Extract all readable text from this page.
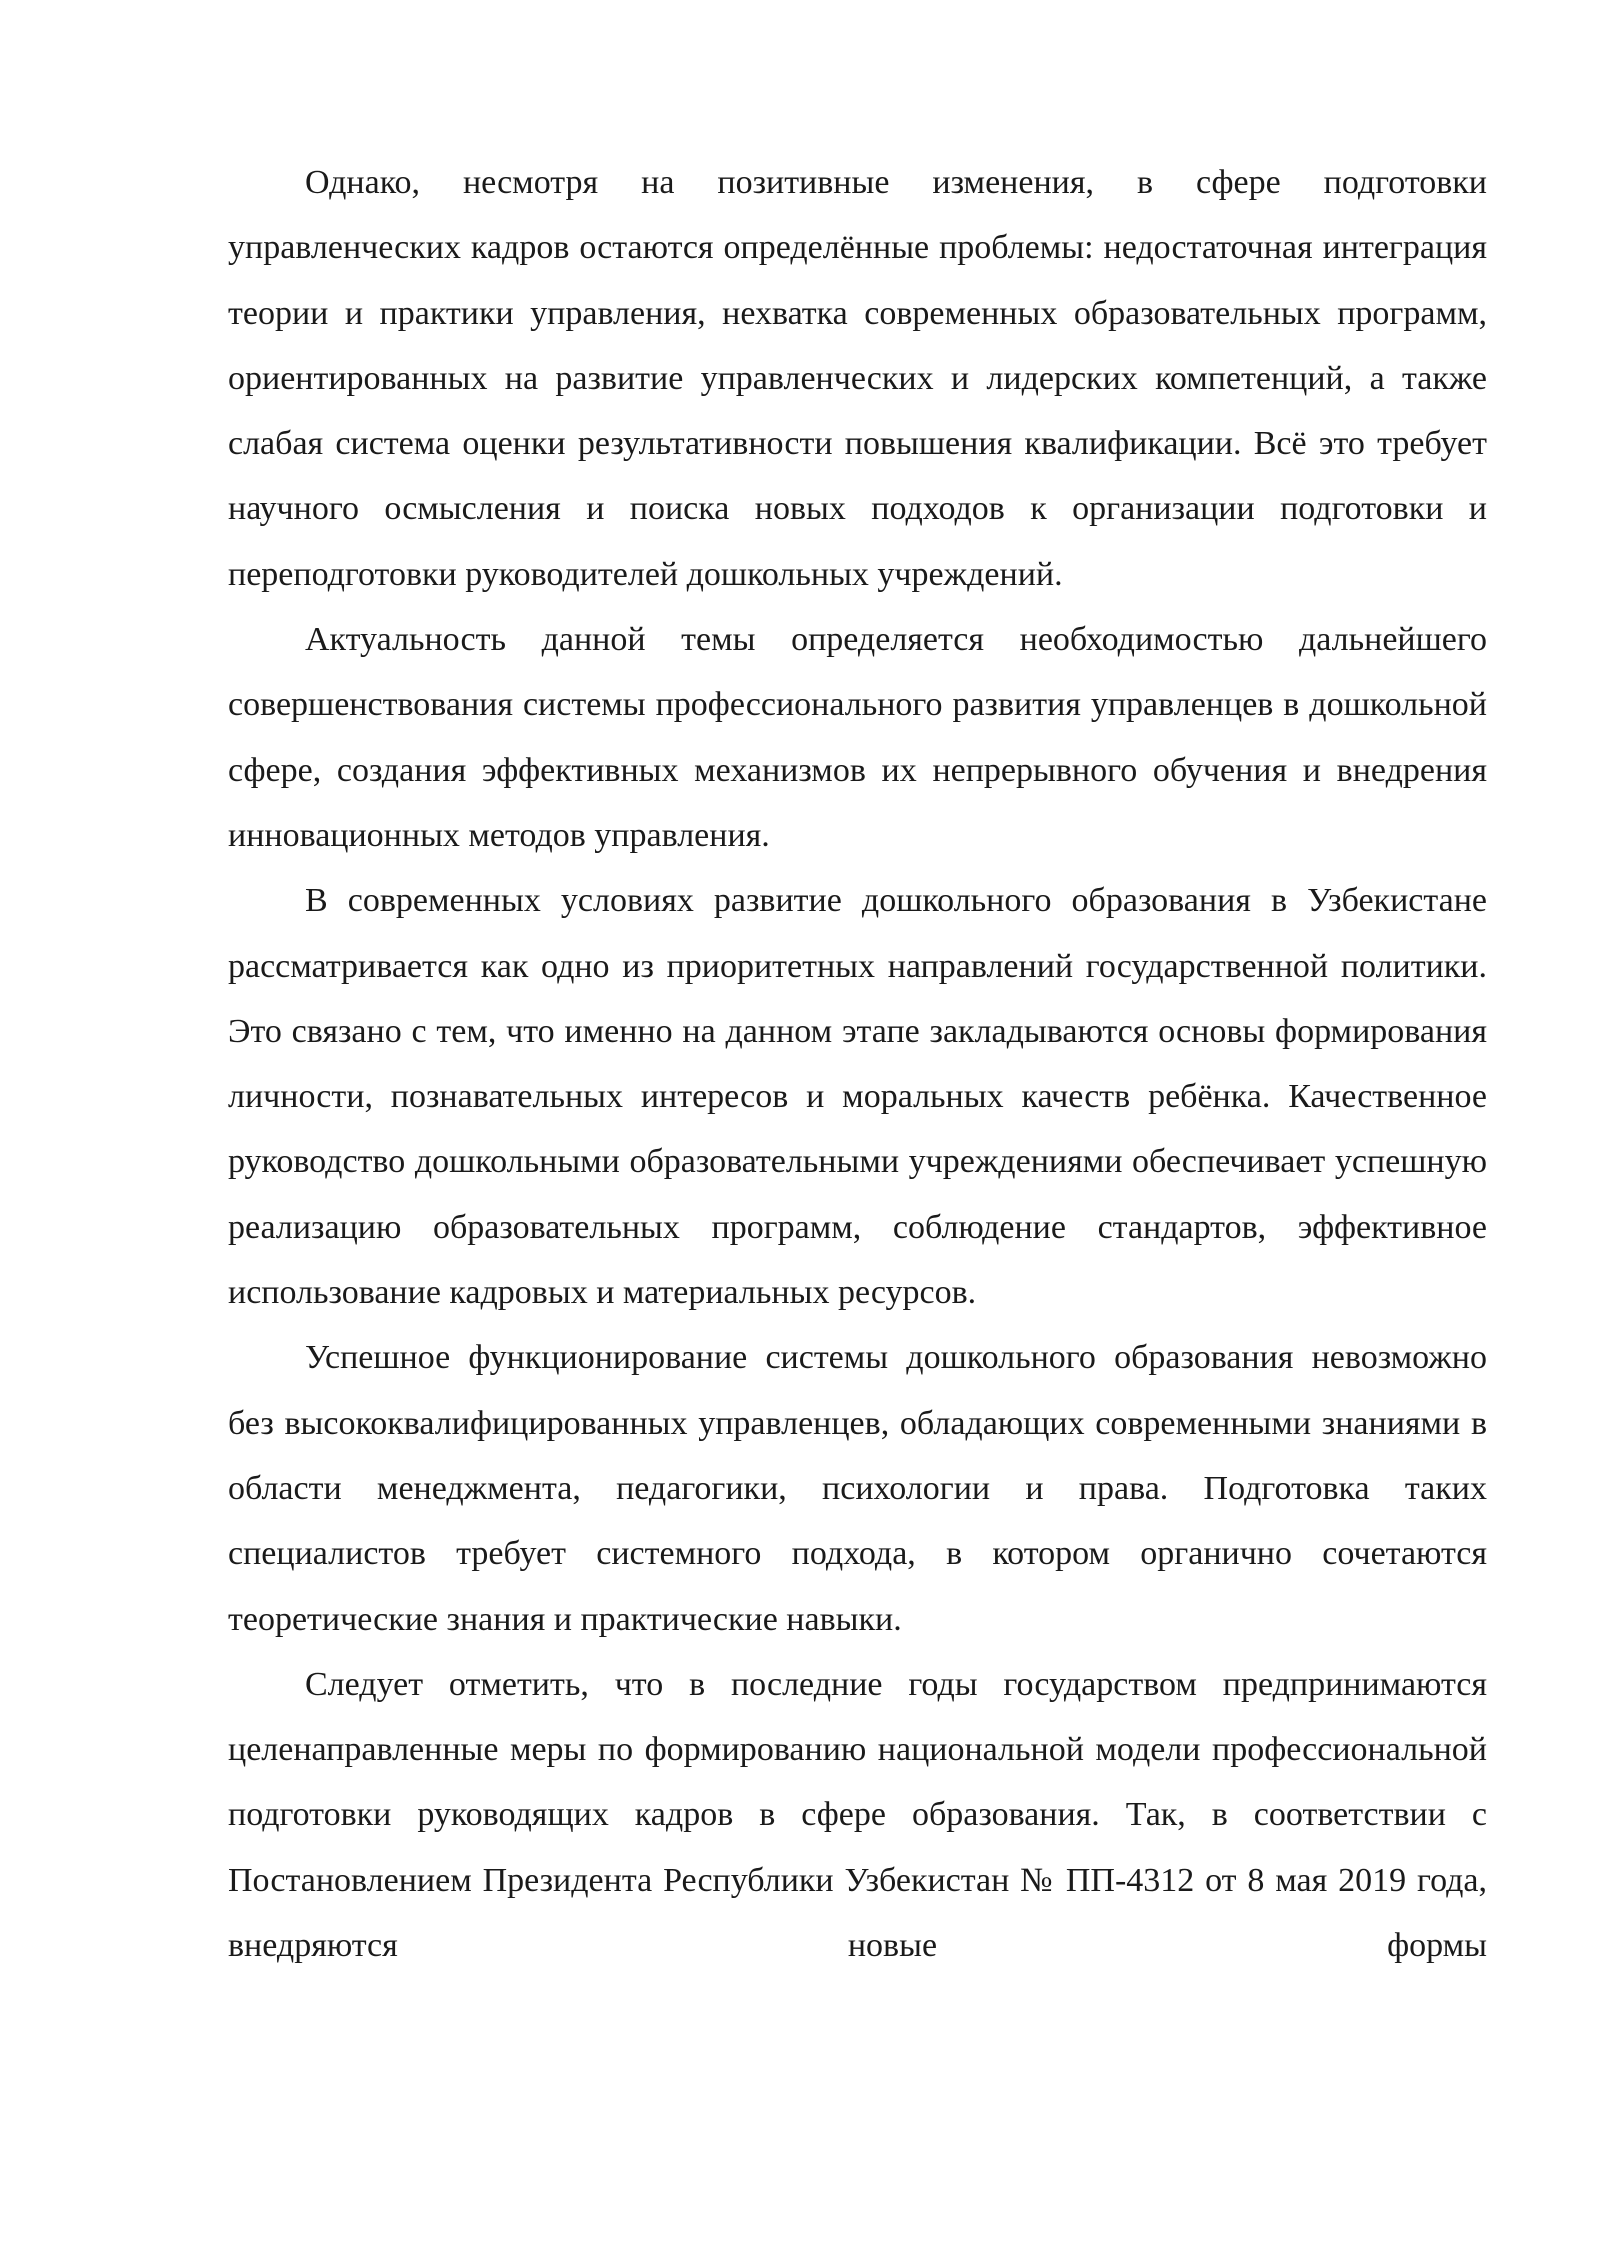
Однако, несмотря на позитивные изменения, в сфере подготовки управленческих кадров остаются определённые проблемы: недостаточная интеграция теории и практики управления, нехватка современных образовательных программ, ориентированных на развитие управленческих и лидерских компетенций, а также слабая система оценки результативности повышения квалификации. Всё это требует научного осмысления и поиска новых подходов к организации подготовки и переподготовки руководителей дошкольных учреждений.

Актуальность данной темы определяется необходимостью дальнейшего совершенствования системы профессионального развития управленцев в дошкольной сфере, создания эффективных механизмов их непрерывного обучения и внедрения инновационных методов управления.

В современных условиях развитие дошкольного образования в Узбекистане рассматривается как одно из приоритетных направлений государственной политики. Это связано с тем, что именно на данном этапе закладываются основы формирования личности, познавательных интересов и моральных качеств ребёнка. Качественное руководство дошкольными образовательными учреждениями обеспечивает успешную реализацию образовательных программ, соблюдение стандартов, эффективное использование кадровых и материальных ресурсов.

Успешное функционирование системы дошкольного образования невозможно без высококвалифицированных управленцев, обладающих современными знаниями в области менеджмента, педагогики, психологии и права. Подготовка таких специалистов требует системного подхода, в котором органично сочетаются теоретические знания и практические навыки.

Следует отметить, что в последние годы государством предпринимаются целенаправленные меры по формированию национальной модели профессиональной подготовки руководящих кадров в сфере образования. Так, в соответствии с Постановлением Президента Республики Узбекистан № ПП-4312 от 8 мая 2019 года, внедряются новые формы
